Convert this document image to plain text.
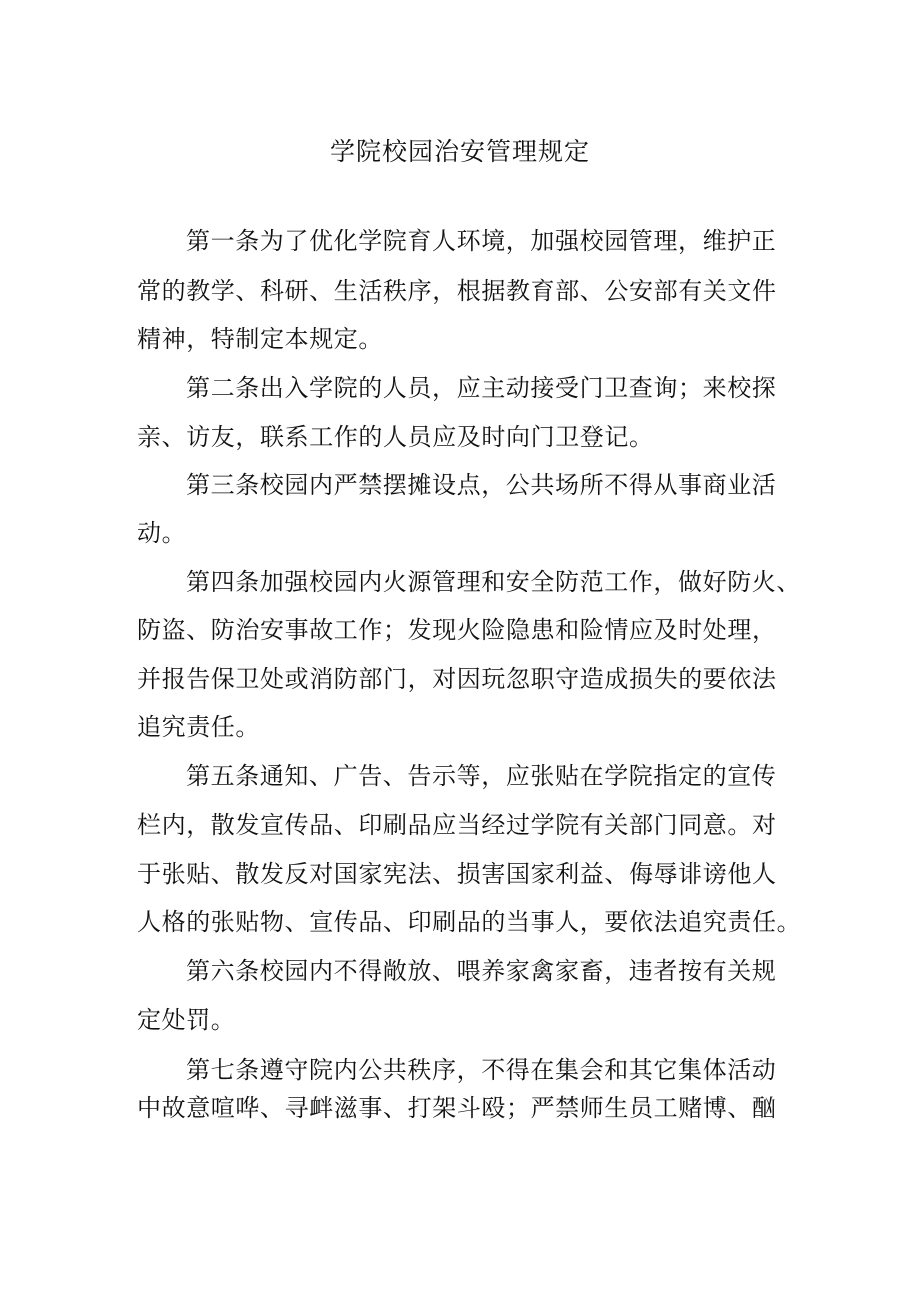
学院校园治安管理规定

第一条为了优化学院育人环境，加强校园管理，维护正

常的教学、科研、生活秩序，根据教育部、公安部有关文件

精神，特制定本规定。

第二条出入学院的人员，应主动接受门卫查询；来校探

亲、访友，联系工作的人员应及时向门卫登记。

第三条校园内严禁摆摊设点，公共场所不得从事商业活

动。

第四条加强校园内火源管理和安全防范工作，做好防火、

防盗、防治安事故工作；发现火险隐患和险情应及时处理，

并报告保卫处或消防部门，对因玩忽职守造成损失的要依法

追究责任。

第五条通知、广告、告示等，应张贴在学院指定的宣传

栏内，散发宣传品、印刷品应当经过学院有关部门同意。对

于张贴、散发反对国家宪法、损害国家利益、侮辱诽谤他人

人格的张贴物、宣传品、印刷品的当事人，要依法追究责任。

第六条校园内不得敞放、喂养家禽家畜，违者按有关规

定处罚。

第七条遵守院内公共秩序，不得在集会和其它集体活动

中故意喧哗、寻衅滋事、打架斗殴；严禁师生员工赌博、酗
